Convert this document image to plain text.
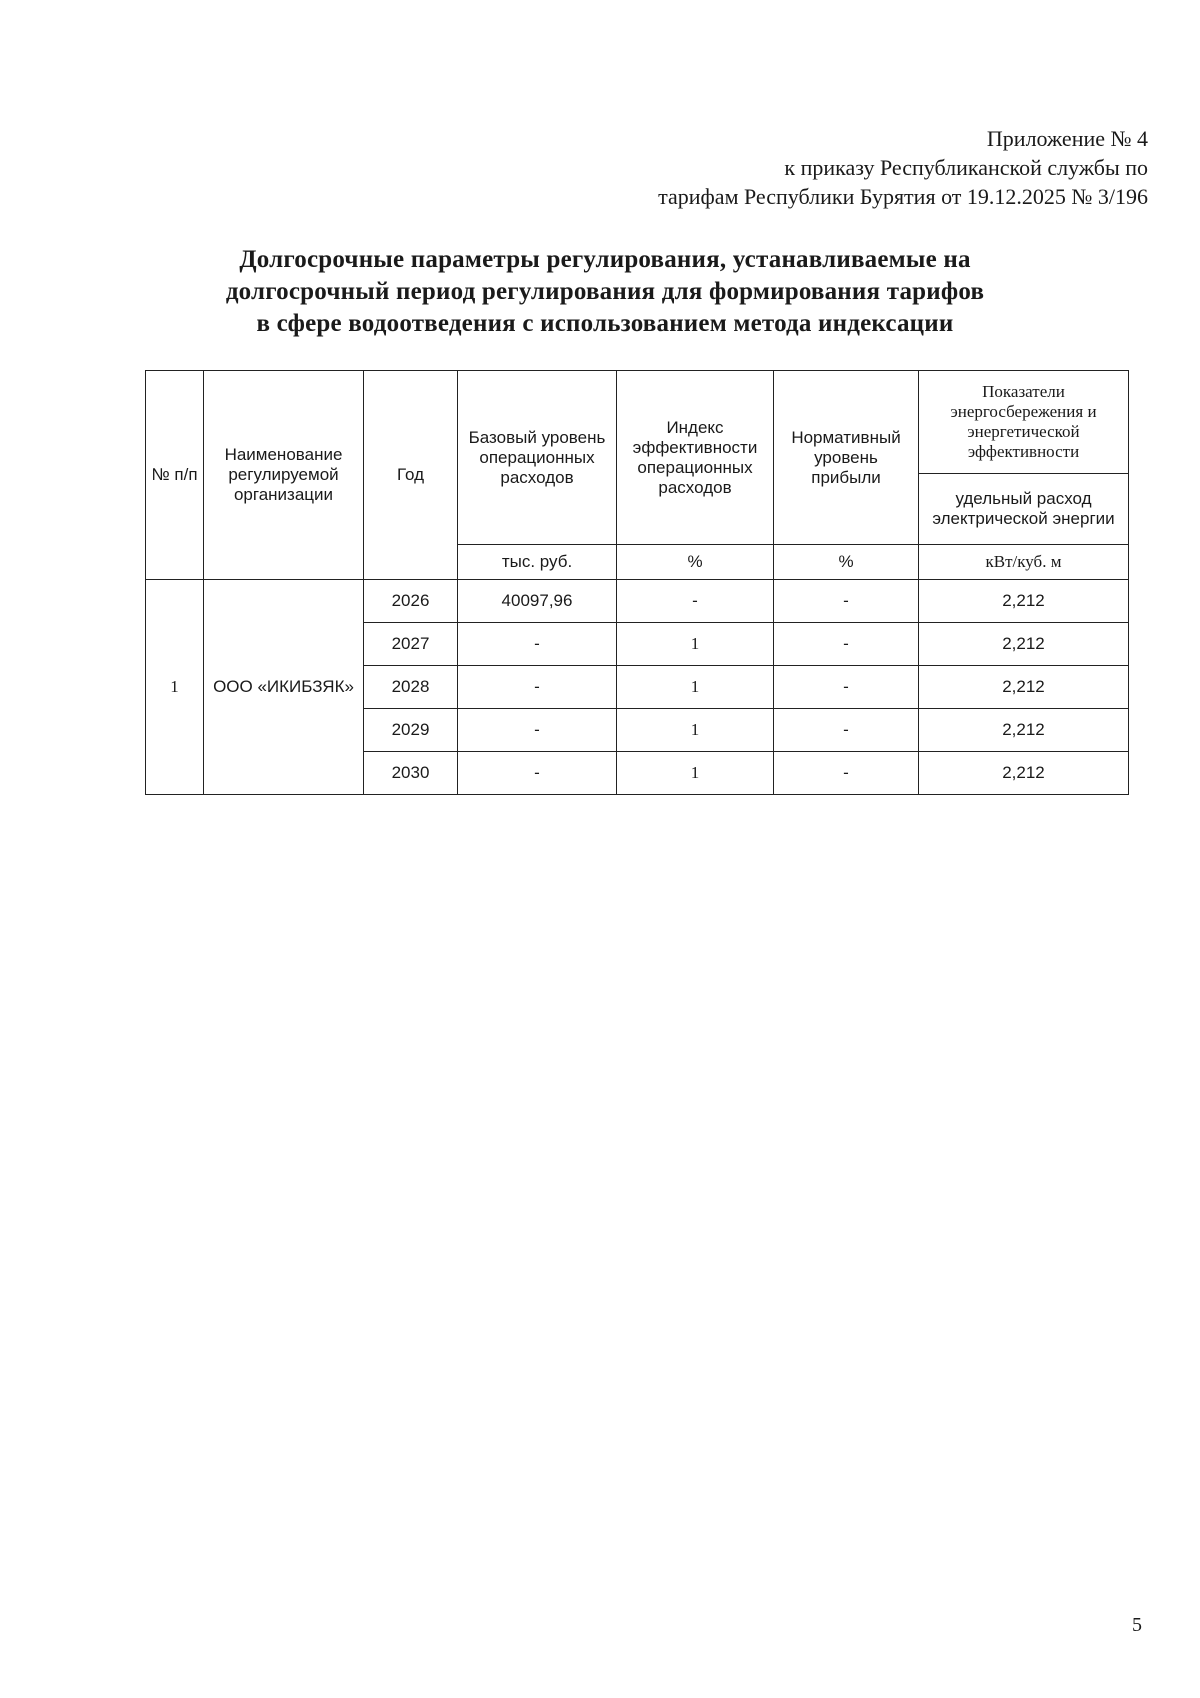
Приложение № 4
к приказу Республиканской службы по
тарифам Республики Бурятия от 19.12.2025 № 3/196
Долгосрочные параметры регулирования, устанавливаемые на
долгосрочный период регулирования для формирования тарифов
в сфере водоотведения с использованием метода индексации
№ п/п	Наименование регулируемой организации	Год	Базовый уровень операционных расходов	Индекс эффективности операционных расходов	Нормативный уровень прибыли	Показатели энергосбережения и энергетической эффективности
						удельный расход электрической энергии
			тыс. руб.	%	%	кВт/куб. м
1	ООО «ИКИБЗЯК»	2026	40097,96	-	-	2,212
		2027	-	1	-	2,212
		2028	-	1	-	2,212
		2029	-	1	-	2,212
		2030	-	1	-	2,212
5
